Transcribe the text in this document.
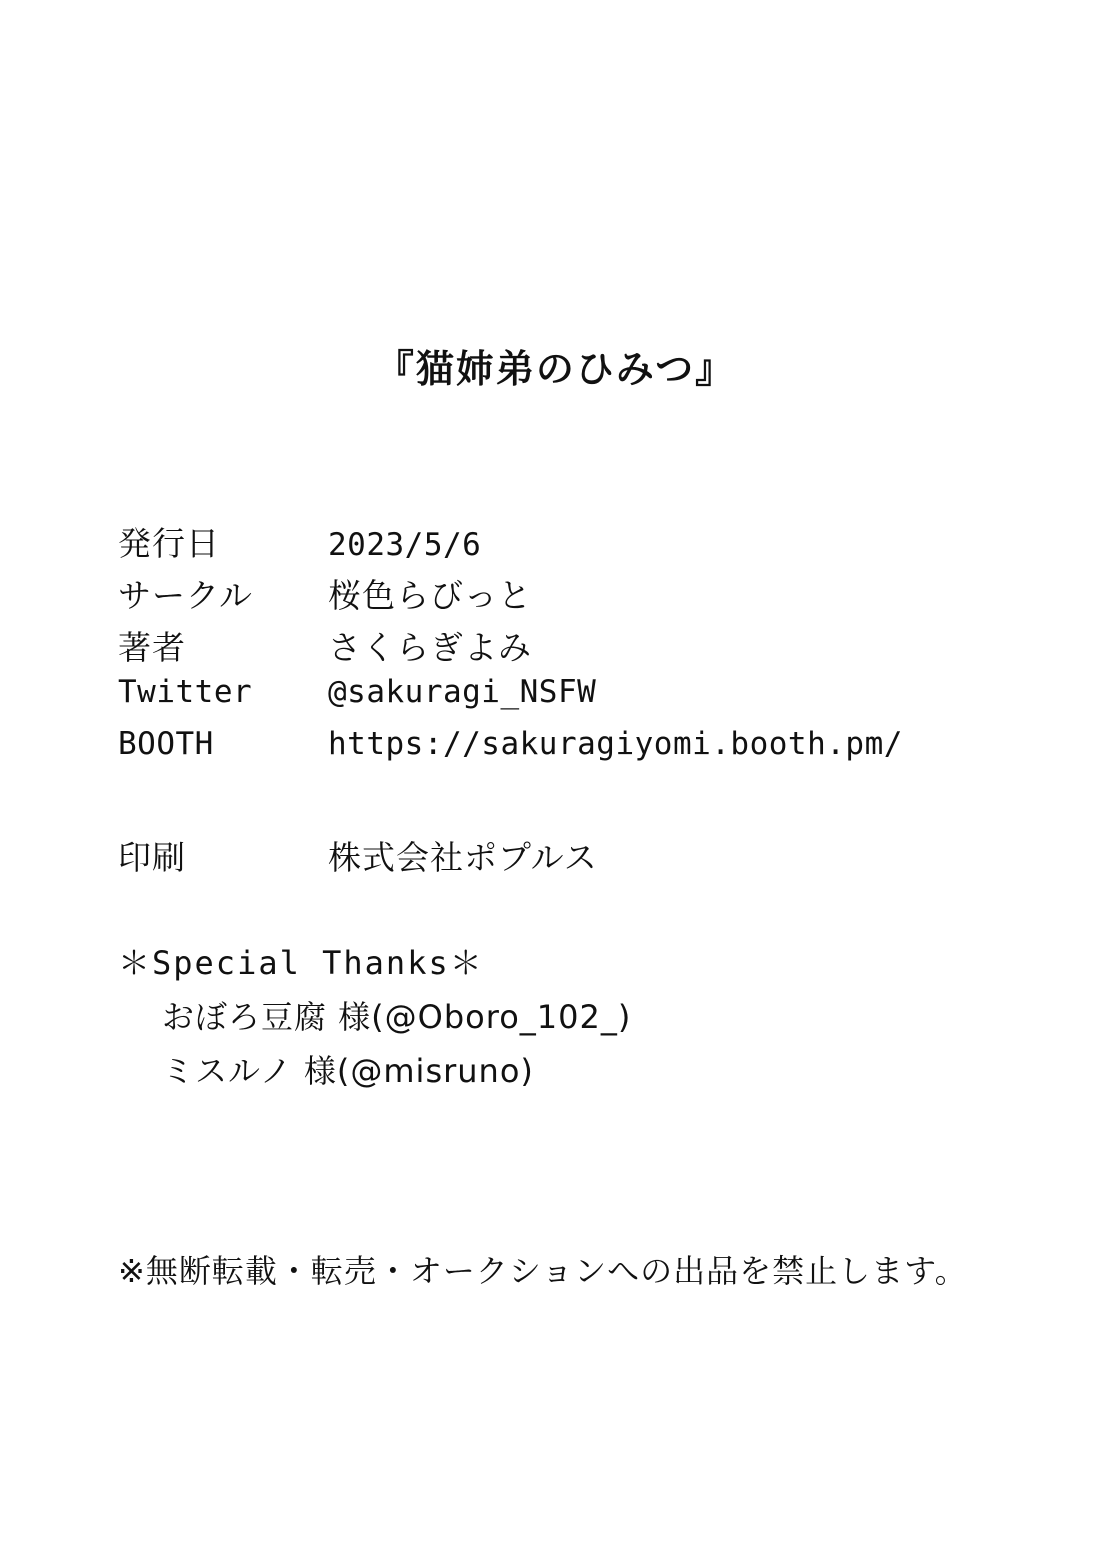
『猫姉弟のひみつ』
発行日	2023/5/6
サークル	桜色らびっと
著者	さくらぎよみ
Twitter	@sakuragi_NSFW
BOOTH	https://sakuragiyomi.booth.pm/
印刷	株式会社ポプルス
＊Special Thanks＊
おぼろ豆腐 様(@Oboro_102_)
ミスルノ 様(@misruno)
※無断転載・転売・オークションへの出品を禁止します。
